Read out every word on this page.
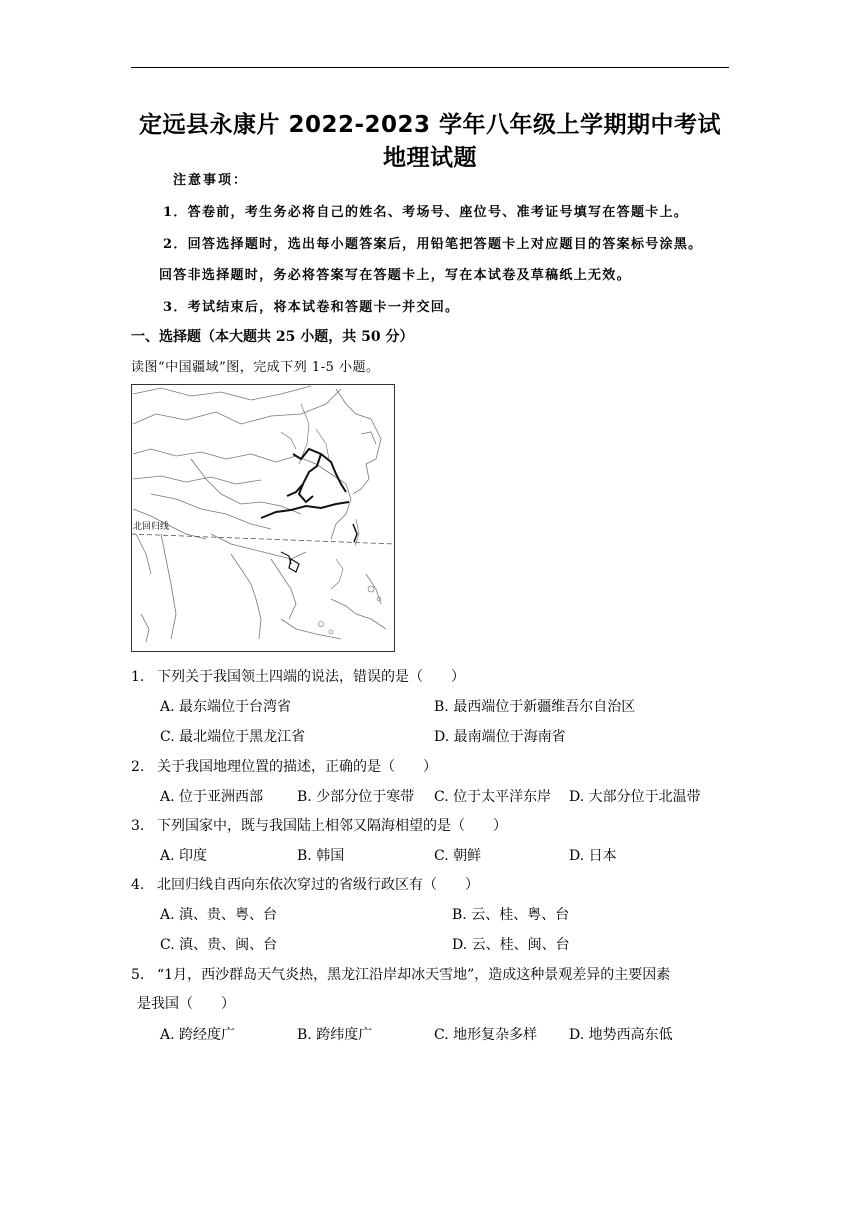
定远县永康片 2022-2023 学年八年级上学期期中考试
地理试题
注意事项：
1．答卷前，考生务必将自己的姓名、考场号、座位号、准考证号填写在答题卡上。
2．回答选择题时，选出每小题答案后，用铅笔把答题卡上对应题目的答案标号涂黑。
回答非选择题时，务必将答案写在答题卡上，写在本试卷及草稿纸上无效。
3．考试结束后，将本试卷和答题卡一并交回。
一、选择题（本大题共 25 小题，共 50 分）
读图“中国疆域”图，完成下列 1-5 小题。
北回归线
1. 下列关于我国领土四端的说法，错误的是（　　）
A. 最东端位于台湾省	B. 最西端位于新疆维吾尔自治区
C. 最北端位于黑龙江省	D. 最南端位于海南省
2. 关于我国地理位置的描述，正确的是（　　）
A. 位于亚洲西部 B. 少部分位于寒带 C. 位于太平洋东岸 D. 大部分位于北温带
3. 下列国家中，既与我国陆上相邻又隔海相望的是（　　）
A. 印度	B. 韩国	C. 朝鲜	D. 日本
4. 北回归线自西向东依次穿过的省级行政区有（　　）
A. 滇、贵、粤、台	B. 云、桂、粤、台
C. 滇、贵、闽、台	D. 云、桂、闽、台
5. “1月，西沙群岛天气炎热，黑龙江沿岸却冰天雪地”，造成这种景观差异的主要因素
是我国（　　）
A. 跨经度广	B. 跨纬度广	C. 地形复杂多样 D. 地势西高东低
